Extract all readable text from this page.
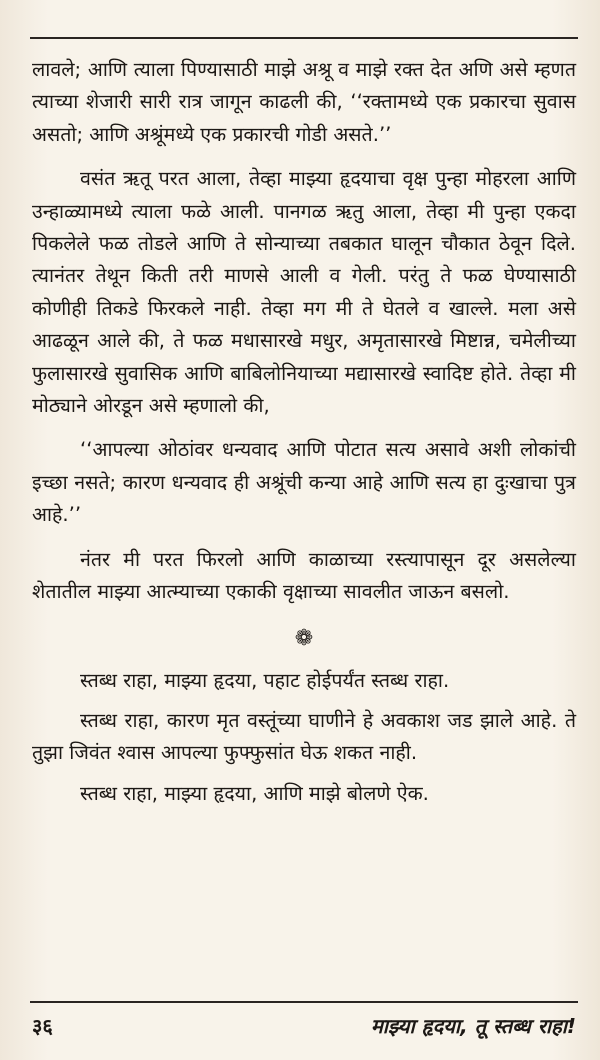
लावले; आणि त्याला पिण्यासाठी माझे अश्रू व माझे रक्त देत अणि असे म्हणत त्याच्या शेजारी सारी रात्र जागून काढली की, ‘‘रक्तामध्ये एक प्रकारचा सुवास असतो; आणि अश्रूंमध्ये एक प्रकारची गोडी असते.’’

वसंत ऋतू परत आला, तेव्हा माझ्या हृदयाचा वृक्ष पुन्हा मोहरला आणि उन्हाळ्यामध्ये त्याला फळे आली. पानगळ ऋतु आला, तेव्हा मी पुन्हा एकदा पिकलेले फळ तोडले आणि ते सोन्याच्या तबकात घालून चौकात ठेवून दिले. त्यानंतर तेथून किती तरी माणसे आली व गेली. परंतु ते फळ घेण्यासाठी कोणीही तिकडे फिरकले नाही. तेव्हा मग मी ते घेतले व खाल्ले. मला असे आढळून आले की, ते फळ मधासारखे मधुर, अमृतासारखे मिष्टान्न, चमेलीच्या फुलासारखे सुवासिक आणि बाबिलोनियाच्या मद्यासारखे स्वादिष्ट होते. तेव्हा मी मोठ्याने ओरडून असे म्हणालो की,

‘‘आपल्या ओठांवर धन्यवाद आणि पोटात सत्य असावे अशी लोकांची इच्छा नसते; कारण धन्यवाद ही अश्रूंची कन्या आहे आणि सत्य हा दुःखाचा पुत्र आहे.’’

नंतर मी परत फिरलो आणि काळाच्या रस्त्यापासून दूर असलेल्या शेतातील माझ्या आत्म्याच्या एकाकी वृक्षाच्या सावलीत जाऊन बसलो.

❁

स्तब्ध राहा, माझ्या हृदया, पहाट होईपर्यंत स्तब्ध राहा.

स्तब्ध राहा, कारण मृत वस्तूंच्या घाणीने हे अवकाश जड झाले आहे. ते तुझा जिवंत श्वास आपल्या फुफ्फुसांत घेऊ शकत नाही.

स्तब्ध राहा, माझ्या हृदया, आणि माझे बोलणे ऐक.

३६	माझ्या हृदया, तू स्तब्ध राहा!
